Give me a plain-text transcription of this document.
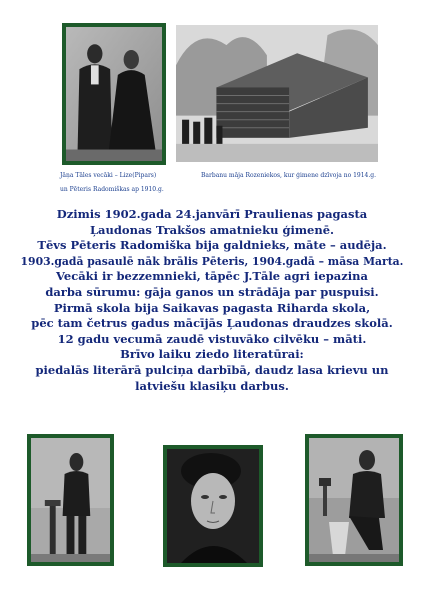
Jāņa Tāles vecāki – Lize(Pipars)
un Pēteris Radomiškas ap 1910.g.
Barbanu māja Rozeniekos, kur ģimene dzīvoja no 1914.g.
Dzimis 1902.gada 24.janvārī Praulienas pagasta
Ļaudonas Trakšos amatnieku ģimenē.
Tēvs Pēteris Radomiška bija galdnieks, māte – audēja.
1903.gadā pasaulē nāk brālis Pēteris, 1904.gadā – māsa Marta.
Vecāki ir bezzemnieki, tāpēc J.Tāle agri iepazina
darba sūrumu: gāja ganos un strādāja par puspuisi.
Pirmā skola bija Saikavas pagasta Riharda skola,
pēc tam četrus gadus mācījās Ļaudonas draudzes skolā.
12 gadu vecumā zaudē vistuvāko cilvēku – māti.
Brīvo laiku ziedo literatūrai:
piedalās literārā pulciņa darbībā, daudz lasa krievu un
latviešu klasiķu darbus.
